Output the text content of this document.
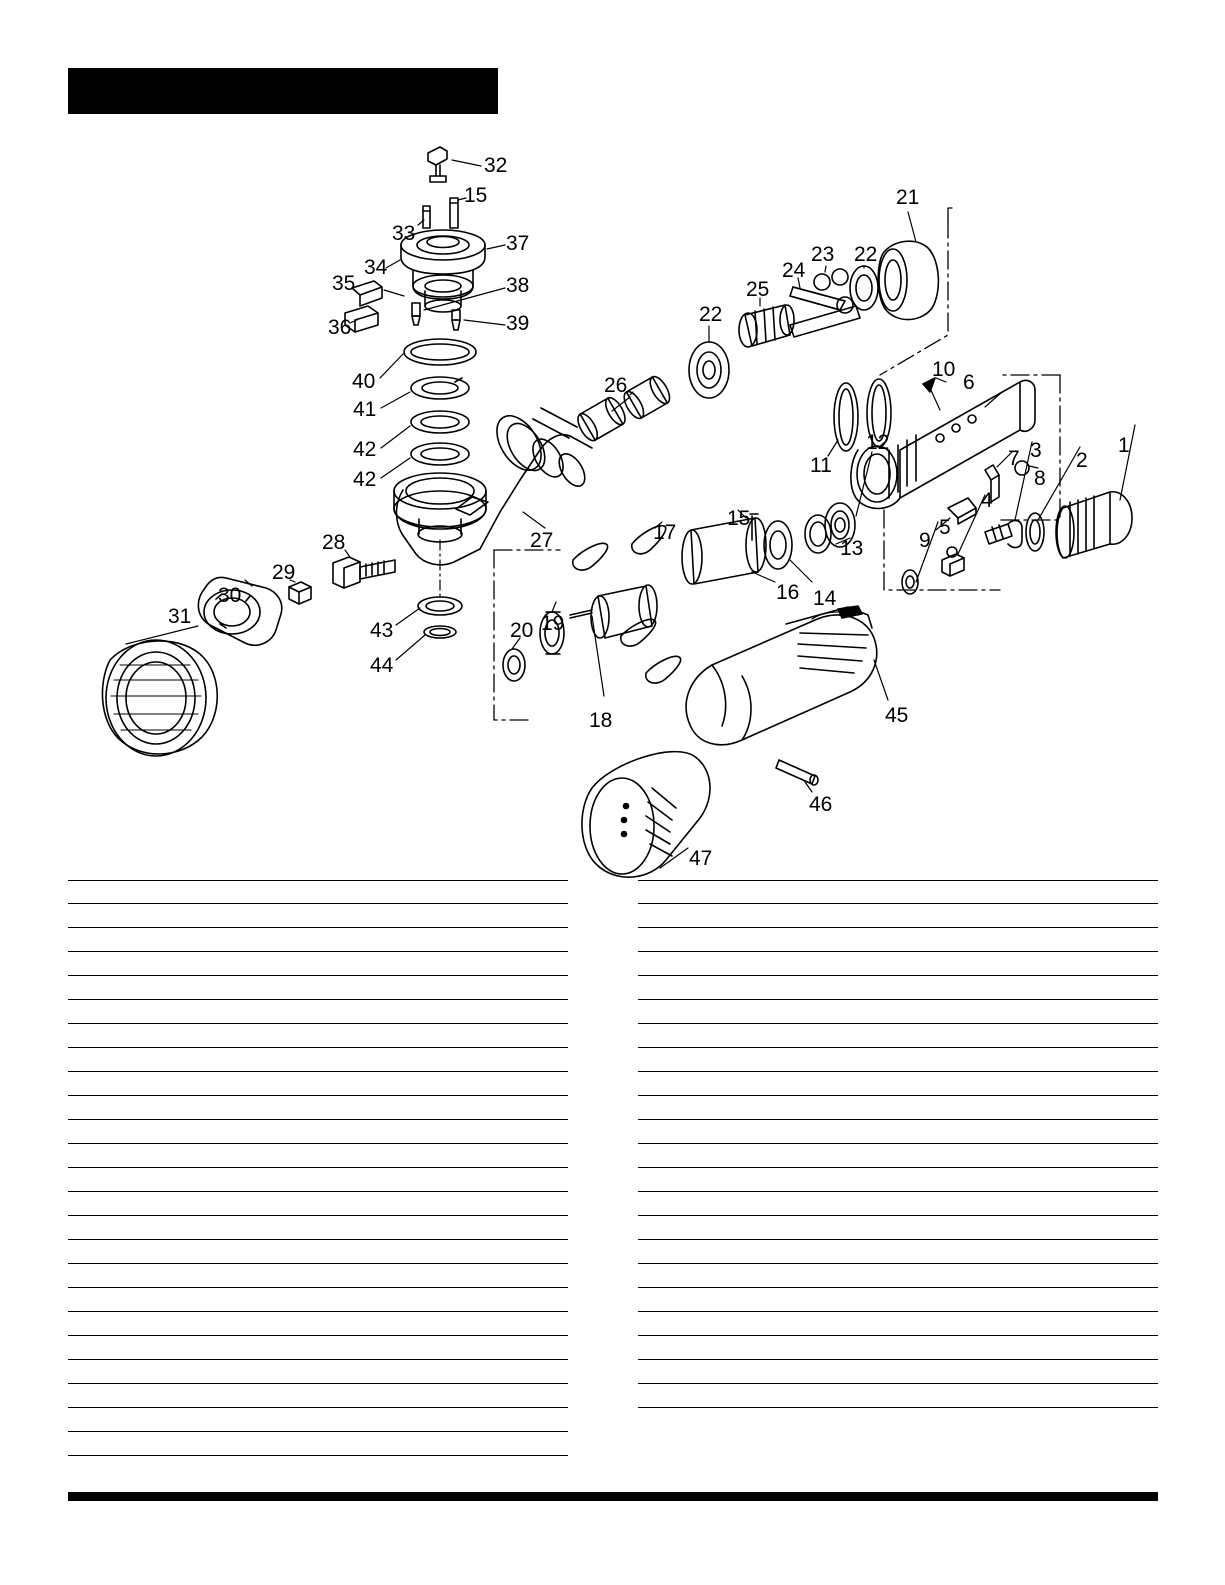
32
15
33	37
34
35	38
36	39
40
41
42
42
21
22
23
24
25
22
26
10
6
7
8
11
9
12
13
1
2
3
4
5
27
28
29
30
31
43
44
17
15
14
16
19
20
18	45
46
47
